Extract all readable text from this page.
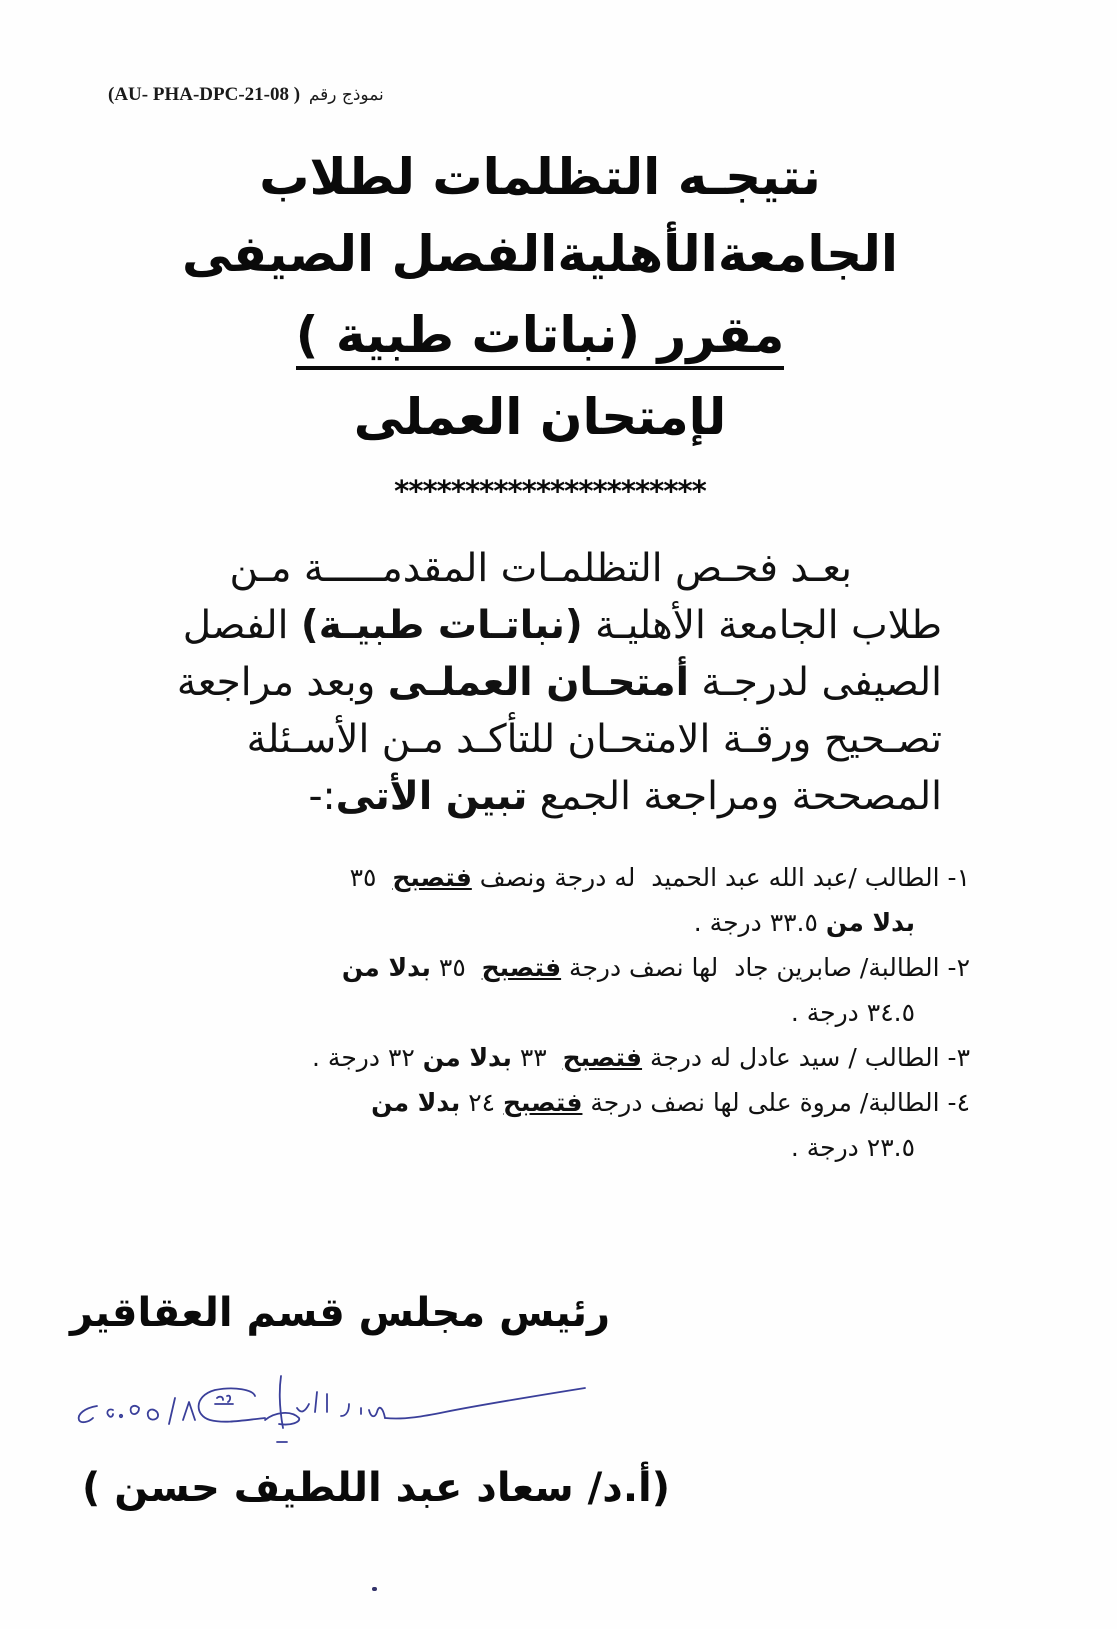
(AU- PHA-DPC-21-08 ) نموذج رقم
نتيجـه التظلمات لطلاب
الجامعةالأهليةالفصل الصيفى
مقرر (نباتات طبية )
لإمتحان العملى
**********************
بعـد فحـص التظلمـات المقدمـــــة مـن
طلاب الجامعة الأهليـة (نباتـات طبيـة) الفصل
الصيفى لدرجـة أمتحـان العملـى وبعد مراجعة
تصـحيح ورقـة الامتحـان للتأكـد مـن الأسـئلة
المصححة ومراجعة الجمع تبين الأتى:-
١- الطالب /عبد الله عبد الحميد  له درجة ونصف فتصبح  ٣٥
بدلا من ٣٣.٥ درجة .
٢- الطالبة/ صابرين جاد  لها نصف درجة فتصبح  ٣٥ بدلا من
٣٤.٥ درجة .
٣- الطالب / سيد عادل له درجة فتصبح  ٣٣ بدلا من ٣٢ درجة .
٤- الطالبة/ مروة على لها نصف درجة فتصبح ٢٤ بدلا من
٢٣.٥ درجة .
رئيس مجلس قسم العقاقير
(أ.د/ سعاد عبد اللطيف حسن )
